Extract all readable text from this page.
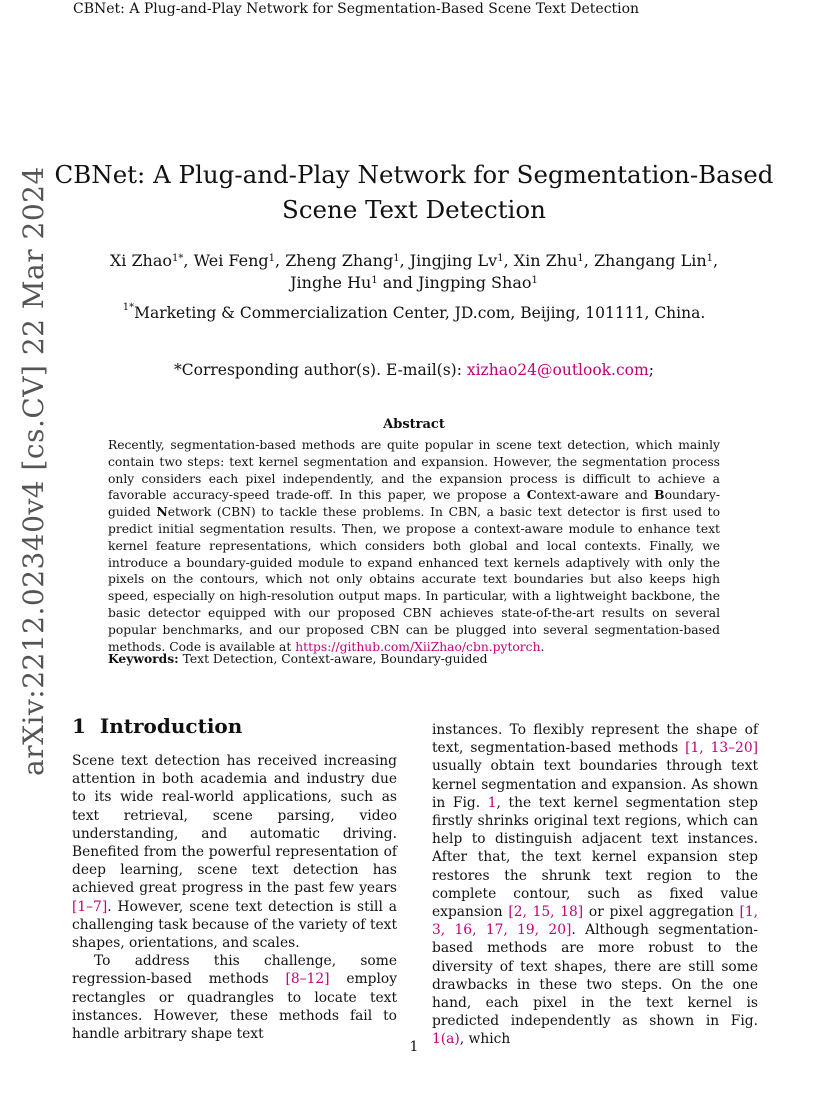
CBNet: A Plug-and-Play Network for Segmentation-Based Scene Text Detection
arXiv:2212.02340v4 [cs.CV] 22 Mar 2024 CBNet: A Plug-and-Play Network for Segmentation-Based
Scene Text Detection
Xi Zhao$^{1*}$, Wei Feng$^1$, Zheng Zhang$^1$, Jingjing Lv$^1$, Xin Zhu$^1$, Zhangang Lin$^1$,
Jinghe Hu$^1$ and Jingping Shao$^1$
$^{1*}$Marketing & Commercialization Center, JD.com, Beijing, 101111, China.
*Corresponding author(s). E-mail(s): xizhao24@outlook.com;
Abstract
Recently, segmentation-based methods are quite popular in scene text detection, which mainly contain two steps: text kernel segmentation and expansion. However, the segmentation process only considers each pixel independently, and the expansion process is difficult to achieve a favorable accuracy-speed trade-off. In this paper, we propose a Context-aware and Boundary-guided Network (CBN) to tackle these problems. In CBN, a basic text detector is first used to predict initial segmentation results. Then, we propose a context-aware module to enhance text kernel feature representations, which considers both global and local contexts. Finally, we introduce a boundary-guided module to expand enhanced text kernels adaptively with only the pixels on the contours, which not only obtains accurate text boundaries but also keeps high speed, especially on high-resolution output maps. In particular, with a lightweight backbone, the basic detector equipped with our proposed CBN achieves state-of-the-art results on several popular benchmarks, and our proposed CBN can be plugged into several segmentation-based methods. Code is available at https://github.com/XiiZhao/cbn.pytorch.
Keywords: Text Detection, Context-aware, Boundary-guided
1 Introduction

Scene text detection has received increasing attention in both academia and industry due to its wide real-world applications, such as text retrieval, scene parsing, video understanding, and automatic driving. Benefited from the powerful representation of deep learning, scene text detection has achieved great progress in the past few years [1–7]. However, scene text detection is still a challenging task because of the variety of text shapes, orientations, and scales.

To address this challenge, some regression-based methods [8–12] employ rectangles or quadrangles to locate text instances. However, these methods fail to handle arbitrary shape text

instances. To flexibly represent the shape of text, segmentation-based methods [1, 13–20] usually obtain text boundaries through text kernel segmentation and expansion. As shown in Fig. 1, the text kernel segmentation step firstly shrinks original text regions, which can help to distinguish adjacent text instances. After that, the text kernel expansion step restores the shrunk text region to the complete contour, such as fixed value expansion [2, 15, 18] or pixel aggregation [1, 3, 16, 17, 19, 20]. Although segmentation-based methods are more robust to the diversity of text shapes, there are still some drawbacks in these two steps. On the one hand, each pixel in the text kernel is predicted independently as shown in Fig. 1(a), which

1
